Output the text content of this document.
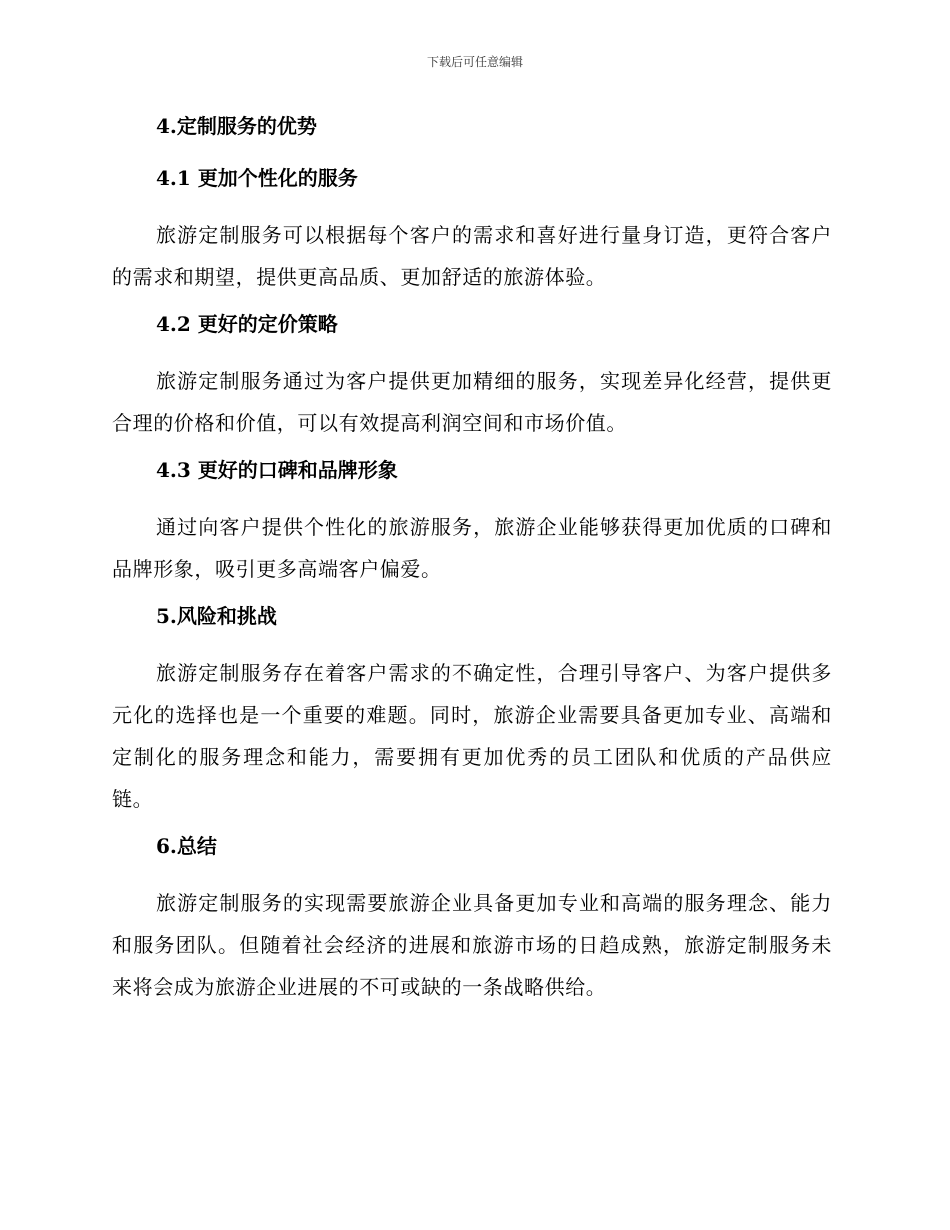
下载后可任意编辑
4.定制服务的优势
4.1 更加个性化的服务

旅游定制服务可以根据每个客户的需求和喜好进行量身订造，更符合客户的需求和期望，提供更高品质、更加舒适的旅游体验。

4.2 更好的定价策略

旅游定制服务通过为客户提供更加精细的服务，实现差异化经营，提供更合理的价格和价值，可以有效提高利润空间和市场价值。

4.3 更好的口碑和品牌形象

通过向客户提供个性化的旅游服务，旅游企业能够获得更加优质的口碑和品牌形象，吸引更多高端客户偏爱。

5.风险和挑战

旅游定制服务存在着客户需求的不确定性，合理引导客户、为客户提供多元化的选择也是一个重要的难题。同时，旅游企业需要具备更加专业、高端和定制化的服务理念和能力，需要拥有更加优秀的员工团队和优质的产品供应链。

6.总结

旅游定制服务的实现需要旅游企业具备更加专业和高端的服务理念、能力和服务团队。但随着社会经济的进展和旅游市场的日趋成熟，旅游定制服务未来将会成为旅游企业进展的不可或缺的一条战略供给。
